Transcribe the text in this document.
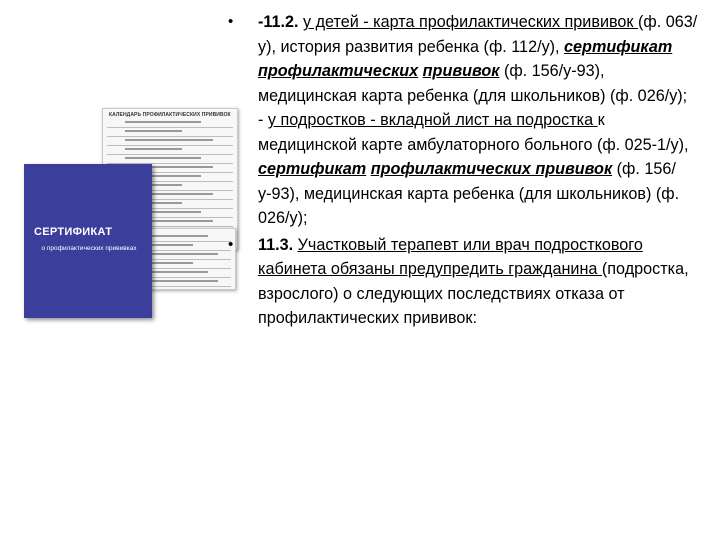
КАЛЕНДАРЬ ПРОФИЛАКТИЧЕСКИХ ПРИВИВОК
СЕРТИФИКАТ
о профилактических прививках
• -11.2. у детей - карта профилактических прививок (ф. 063/у), история развития ребенка (ф. 112/у), сертификат профилактических прививок (ф. 156/у-93), медицинская карта ребенка (для школьников) (ф. 026/у);
- у подростков - вкладной лист на подростка к медицинской карте амбулаторного больного (ф. 025-1/у), сертификат профилактических прививок (ф. 156/у-93), медицинская карта ребенка (для школьников) (ф. 026/у);
• 11.3. Участковый терапевт или врач подросткового кабинета обязаны предупредить гражданина (подростка, взрослого) о следующих последствиях отказа от профилактических прививок:
